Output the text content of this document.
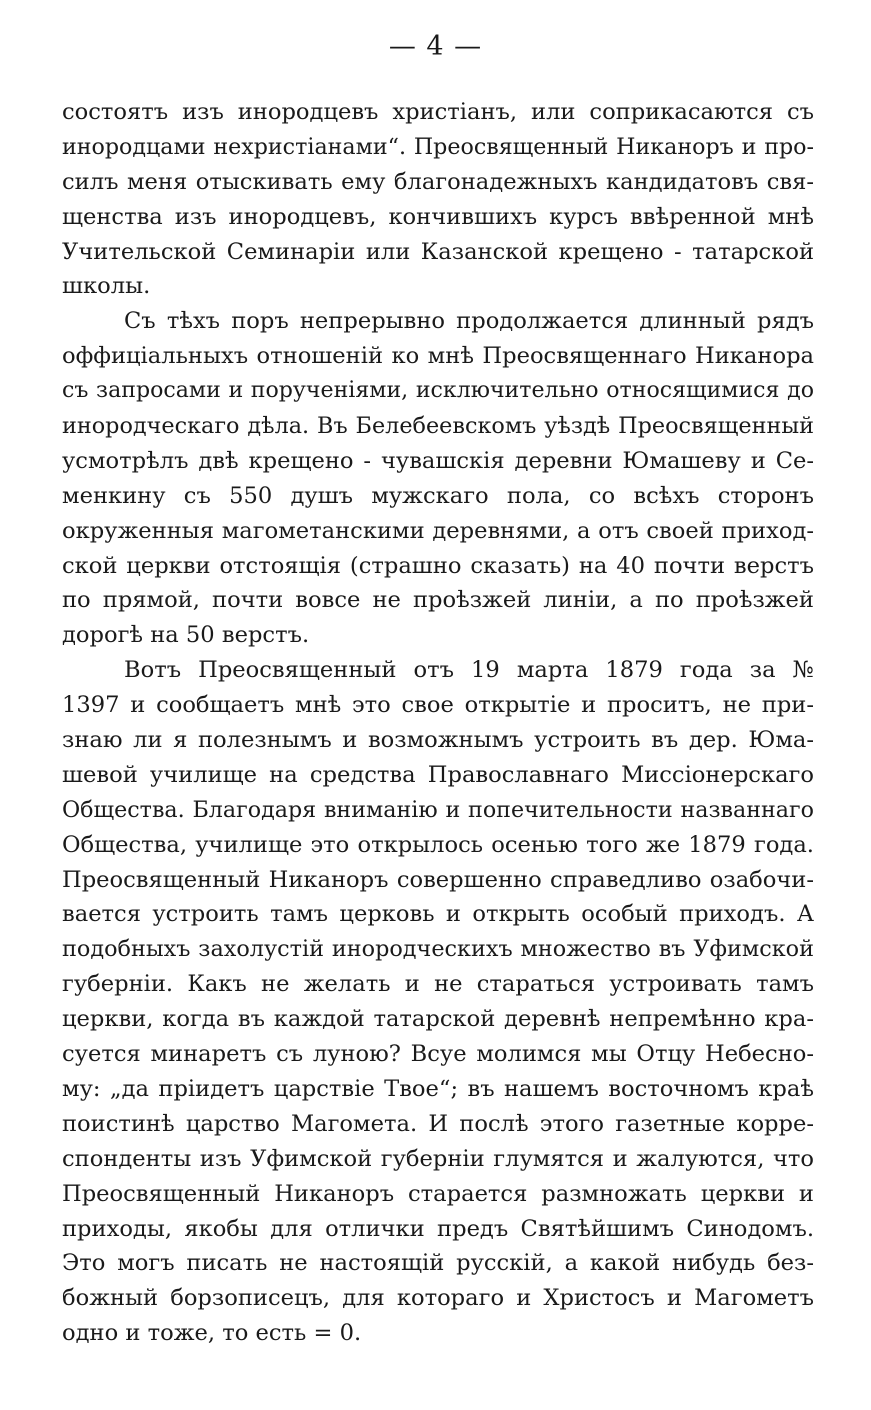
— 4 —
состоятъ изъ инородцевъ христіанъ, или соприкасаются съ
инородцами нехристіанами“. Преосвященный Никаноръ и про-
силъ меня отыскивать ему благонадежныхъ кандидатовъ свя-
щенства изъ инородцевъ, кончившихъ курсъ ввѣренной мнѣ
Учительской Семинаріи или Казанской крещено - татарской
школы.
Съ тѣхъ поръ непрерывно продолжается длинный рядъ
оффиціальныхъ отношеній ко мнѣ Преосвященнаго Никанора
съ запросами и порученіями, исключительно относящимися до
инородческаго дѣла. Въ Белебеевскомъ уѣздѣ Преосвященный
усмотрѣлъ двѣ крещено - чувашскія деревни Юмашеву и Се-
менкину съ 550 душъ мужскаго пола, со всѣхъ сторонъ
окруженныя магометанскими деревнями, а отъ своей приход-
ской церкви отстоящія (страшно сказать) на 40 почти верстъ
по прямой, почти вовсе не проѣзжей линіи, а по проѣзжей
дорогѣ на 50 верстъ.
Вотъ Преосвященный отъ 19 марта 1879 года за №
1397 и сообщаетъ мнѣ это свое открытіе и проситъ, не при-
знаю ли я полезнымъ и возможнымъ устроить въ дер. Юма-
шевой училище на средства Православнаго Миссіонерскаго
Общества. Благодаря вниманію и попечительности названнаго
Общества, училище это открылось осенью того же 1879 года.
Преосвященный Никаноръ совершенно справедливо озабочи-
вается устроить тамъ церковь и открыть особый приходъ. А
подобныхъ захолустій инородческихъ множество въ Уфимской
губерніи. Какъ не желать и не стараться устроивать тамъ
церкви, когда въ каждой татарской деревнѣ непремѣнно кра-
суется минаретъ съ луною? Всуе молимся мы Отцу Небесно-
му: „да пріидетъ царствіе Твое“; въ нашемъ восточномъ краѣ
поистинѣ царство Магомета. И послѣ этого газетные корре-
спонденты изъ Уфимской губерніи глумятся и жалуются, что
Преосвященный Никаноръ старается размножать церкви и
приходы, якобы для отлички предъ Святѣйшимъ Синодомъ.
Это могъ писать не настоящій русскій, а какой нибудь без-
божный борзописецъ, для котораго и Христосъ и Магометъ
одно и тоже, то есть = 0.
